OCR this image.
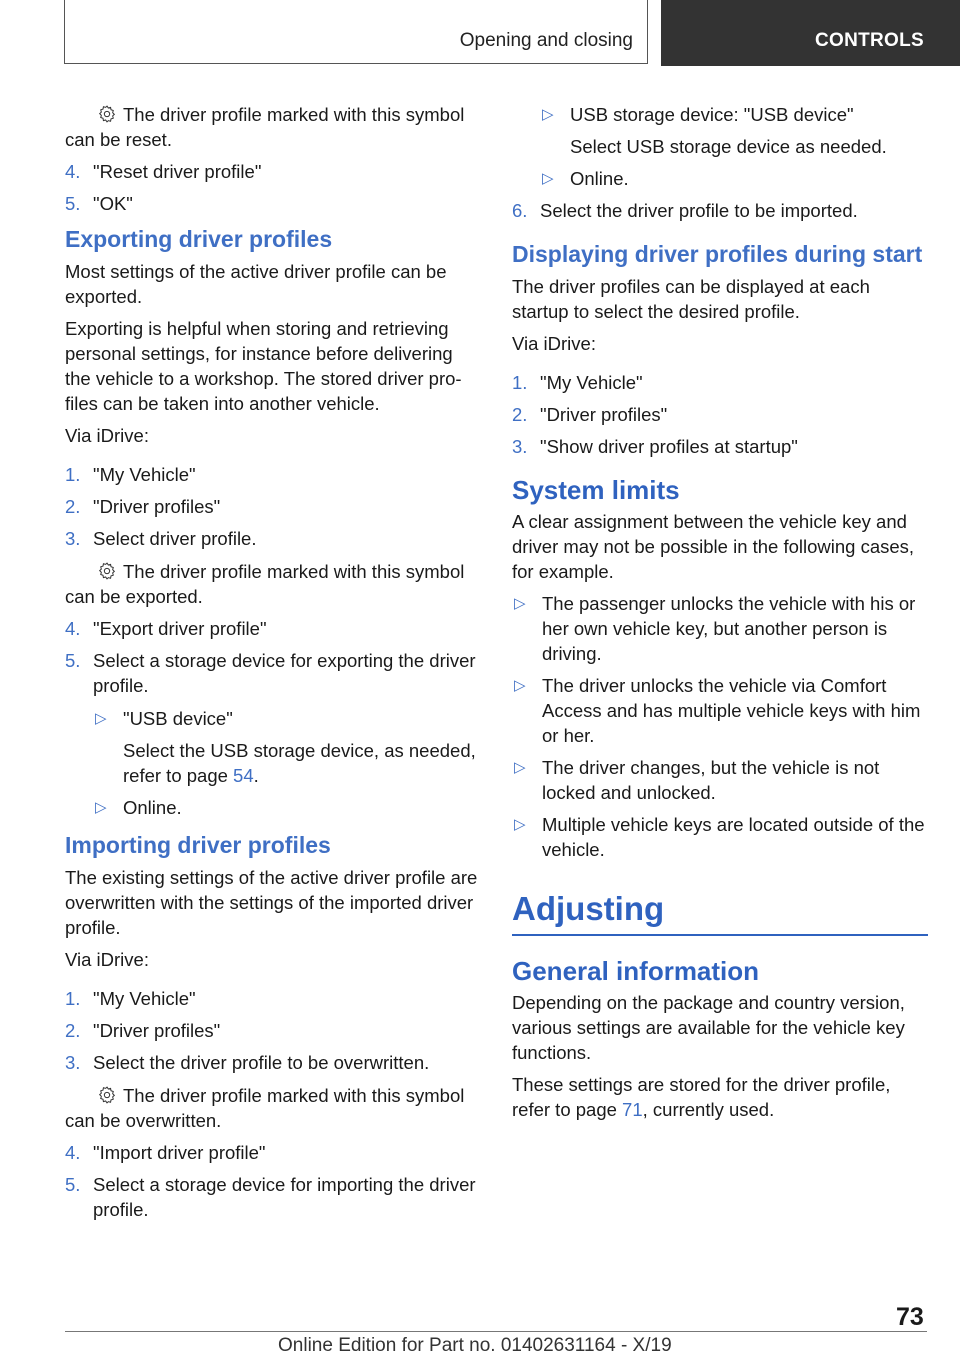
Opening and closing	CONTROLS

The driver profile marked with this symbol can be reset.

4. "Reset driver profile"
5. "OK"
Exporting driver profiles

Most settings of the active driver profile can be exported.

Exporting is helpful when storing and retrieving personal settings, for instance before delivering the vehicle to a workshop. The stored driver pro‐files can be taken into another vehicle.

Via iDrive:

1. "My Vehicle"
2. "Driver profiles"
3. Select driver profile.

The driver profile marked with this symbol can be exported.

4. "Export driver profile"
5. Select a storage device for exporting the driver profile.
▷ "USB device"
Select the USB storage device, as needed, refer to page 54.
▷ Online.
Importing driver profiles

The existing settings of the active driver profile are overwritten with the settings of the imported driver profile.

Via iDrive:

1. "My Vehicle"
2. "Driver profiles"
3. Select the driver profile to be overwritten.

The driver profile marked with this symbol can be overwritten.

4. "Import driver profile"
5. Select a storage device for importing the driver profile.
▷ USB storage device: "USB device"
Select USB storage device as needed.
▷ Online.
6. Select the driver profile to be imported.
Displaying driver profiles during start

The driver profiles can be displayed at each startup to select the desired profile.

Via iDrive:

1. "My Vehicle"
2. "Driver profiles"
3. "Show driver profiles at startup"
System limits

A clear assignment between the vehicle key and driver may not be possible in the following cases, for example.

▷ The passenger unlocks the vehicle with his or her own vehicle key, but another person is driving.
▷ The driver unlocks the vehicle via Comfort Access and has multiple vehicle keys with him or her.
▷ The driver changes, but the vehicle is not locked and unlocked.
▷ Multiple vehicle keys are located outside of the vehicle.
Adjusting
General information

Depending on the package and country version, various settings are available for the vehicle key functions.

These settings are stored for the driver profile, refer to page 71, currently used.

73
Online Edition for Part no. 01402631164 - X/19
